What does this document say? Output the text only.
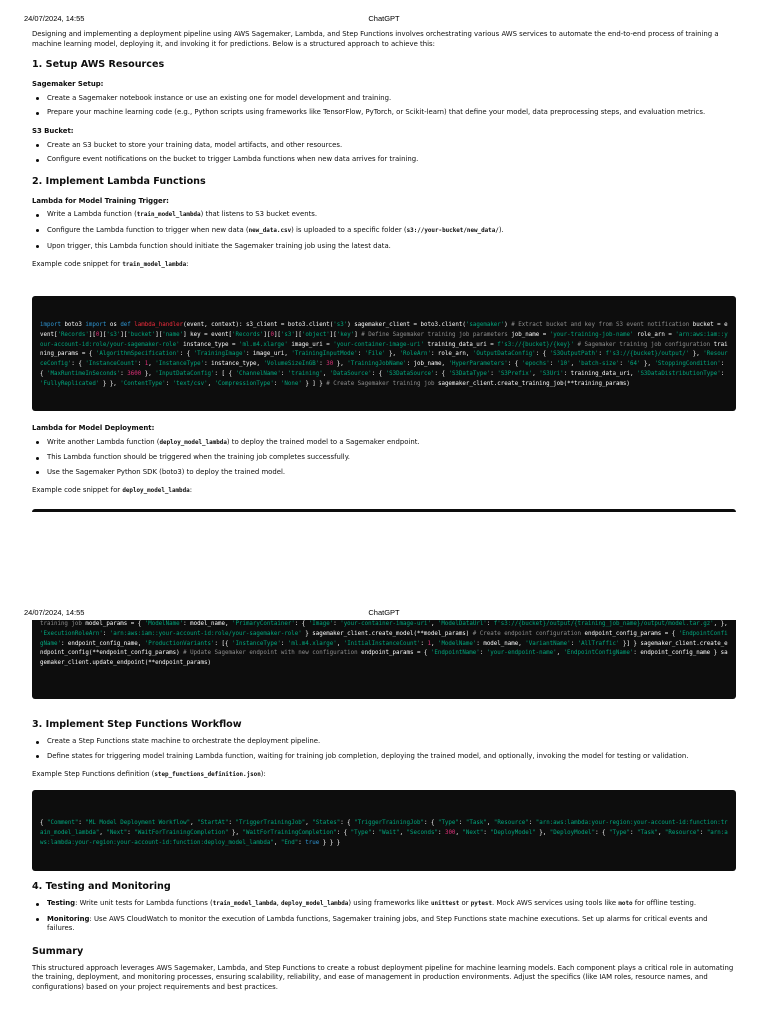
24/07/2024, 14:55	ChatGPT

Designing and implementing a deployment pipeline using AWS Sagemaker, Lambda, and Step Functions involves orchestrating various AWS services to automate the end-to-end process of training a machine learning model, deploying it, and invoking it for predictions. Below is a structured approach to achieve this:

1. Setup AWS Resources
Sagemaker Setup:
Create a Sagemaker notebook instance or use an existing one for model development and training.
Prepare your machine learning code (e.g., Python scripts using frameworks like TensorFlow, PyTorch, or Scikit-learn) that define your model, data preprocessing steps, and evaluation metrics.
S3 Bucket:
Create an S3 bucket to store your training data, model artifacts, and other resources.
Configure event notifications on the bucket to trigger Lambda functions when new data arrives for training.
2. Implement Lambda Functions
Lambda for Model Training Trigger:
Write a Lambda function (train_model_lambda) that listens to S3 bucket events.
Configure the Lambda function to trigger when new data (new_data.csv) is uploaded to a specific folder (s3://your-bucket/new_data/).
Upon trigger, this Lambda function should initiate the Sagemaker training job using the latest data.

Example code snippet for train_model_lambda:

import boto3 import os def lambda_handler(event, context): s3_client = boto3.client('s3') sagemaker_client = boto3.client('sagemaker') # Extract bucket and key from S3 event notification bucket = event['Records'][0]['s3']['bucket']['name'] key = event['Records'][0]['s3']['object']['key'] # Define Sagemaker training job parameters job_name = 'your-training-job-name' role_arn = 'arn:aws:iam::your-account-id:role/your-sagemaker-role' instance_type = 'ml.m4.xlarge' image_uri = 'your-container-image-uri' training_data_uri = f's3://{bucket}/{key}' # Sagemaker training job configuration training_params = { 'AlgorithmSpecification': { 'TrainingImage': image_uri, 'TrainingInputMode': 'File' }, 'RoleArn': role_arn, 'OutputDataConfig': { 'S3OutputPath': f's3://{bucket}/output/' }, 'ResourceConfig': { 'InstanceCount': 1, 'InstanceType': instance_type, 'VolumeSizeInGB': 30 }, 'TrainingJobName': job_name, 'HyperParameters': { 'epochs': '10', 'batch-size': '64' }, 'StoppingCondition': { 'MaxRuntimeInSeconds': 3600 }, 'InputDataConfig': [ { 'ChannelName': 'training', 'DataSource': { 'S3DataSource': { 'S3DataType': 'S3Prefix', 'S3Uri': training_data_uri, 'S3DataDistributionType': 'FullyReplicated' } }, 'ContentType': 'text/csv', 'CompressionType': 'None' } ] } # Create Sagemaker training job sagemaker_client.create_training_job(**training_params)
Lambda for Model Deployment:
Write another Lambda function (deploy_model_lambda) to deploy the trained model to a Sagemaker endpoint.
This Lambda function should be triggered when the training job completes successfully.
Use the Sagemaker Python SDK (boto3) to deploy the trained model.

Example code snippet for deploy_model_lambda:

24/07/2024, 14:55	ChatGPT
training job model_params = { 'ModelName': model_name, 'PrimaryContainer': { 'Image': 'your-container-image-uri', 'ModelDataUrl': f's3://{bucket}/output/{training_job_name}/output/model.tar.gz', }, 'ExecutionRoleArn': 'arn:aws:iam::your-account-id:role/your-sagemaker-role' } sagemaker_client.create_model(**model_params) # Create endpoint configuration endpoint_config_params = { 'EndpointConfigName': endpoint_config_name, 'ProductionVariants': [{ 'InstanceType': 'ml.m4.xlarge', 'InitialInstanceCount': 1, 'ModelName': model_name, 'VariantName': 'AllTraffic' }] } sagemaker_client.create_endpoint_config(**endpoint_config_params) # Update Sagemaker endpoint with new configuration endpoint_params = { 'EndpointName': 'your-endpoint-name', 'EndpointConfigName': endpoint_config_name } sagemaker_client.update_endpoint(**endpoint_params)
3. Implement Step Functions Workflow
Create a Step Functions state machine to orchestrate the deployment pipeline.
Define states for triggering model training Lambda function, waiting for training job completion, deploying the trained model, and optionally, invoking the model for testing or validation.

Example Step Functions definition (step_functions_definition.json):

{ "Comment": "ML Model Deployment Workflow", "StartAt": "TriggerTrainingJob", "States": { "TriggerTrainingJob": { "Type": "Task", "Resource": "arn:aws:lambda:your-region:your-account-id:function:train_model_lambda", "Next": "WaitForTrainingCompletion" }, "WaitForTrainingCompletion": { "Type": "Wait", "Seconds": 300, "Next": "DeployModel" }, "DeployModel": { "Type": "Task", "Resource": "arn:aws:lambda:your-region:your-account-id:function:deploy_model_lambda", "End": true } } }
4. Testing and Monitoring
Testing: Write unit tests for Lambda functions (train_model_lambda, deploy_model_lambda) using frameworks like unittest or pytest. Mock AWS services using tools like moto for offline testing.
Monitoring: Use AWS CloudWatch to monitor the execution of Lambda functions, Sagemaker training jobs, and Step Functions state machine executions. Set up alarms for critical events and failures.
Summary

This structured approach leverages AWS Sagemaker, Lambda, and Step Functions to create a robust deployment pipeline for machine learning models. Each component plays a critical role in automating the training, deployment, and monitoring processes, ensuring scalability, reliability, and ease of management in production environments. Adjust the specifics (like IAM roles, resource names, and configurations) based on your project requirements and best practices.
